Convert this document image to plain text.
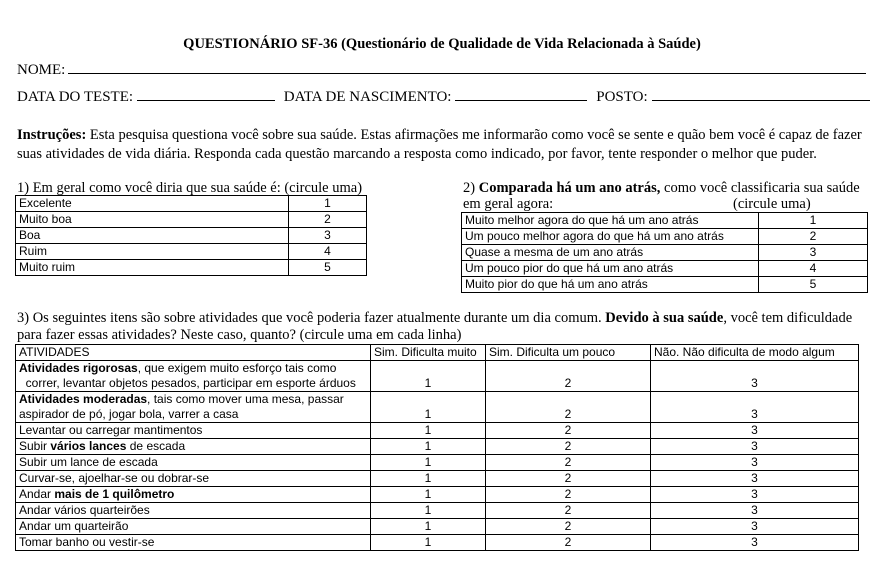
QUESTIONÁRIO SF-36 (Questionário de Qualidade de Vida Relacionada à Saúde)
NOME:
DATA DO TESTE:	DATA DE NASCIMENTO:	POSTO:
Instruções: Esta pesquisa questiona você sobre sua saúde. Estas afirmações me informarão como você se sente e quão bem você é capaz de fazer suas atividades de vida diária. Responda cada questão marcando a resposta como indicado, por favor, tente responder o melhor que puder.
1) Em geral como você diria que sua saúde é: (circule uma)
Excelente	1
Muito boa	2
Boa	3
Ruim	4
Muito ruim	5
2) Comparada há um ano atrás, como você classificaria sua saúde
em geral agora:	(circule uma)
Muito melhor agora do que há um ano atrás	1
Um pouco melhor agora do que há um ano atrás	2
Quase a mesma de um ano atrás	3
Um pouco pior do que há um ano atrás	4
Muito pior do que há um ano atrás	5
3) Os seguintes itens são sobre atividades que você poderia fazer atualmente durante um dia comum. Devido à sua saúde, você tem dificuldade
para fazer essas atividades? Neste caso, quanto? (circule uma em cada linha)
ATIVIDADES	Sim. Dificulta muito	Sim. Dificulta um pouco	Não. Não dificulta de modo algum
Atividades rigorosas, que exigem muito esforço tais como
correr, levantar objetos pesados, participar em esporte árduos	1	2	3
Atividades moderadas, tais como mover uma mesa, passar
aspirador de pó, jogar bola, varrer a casa	1	2	3
Levantar ou carregar mantimentos	1	2	3
Subir vários lances de escada	1	2	3
Subir um lance de escada	1	2	3
Curvar-se, ajoelhar-se ou dobrar-se	1	2	3
Andar mais de 1 quilômetro	1	2	3
Andar vários quarteirões	1	2	3
Andar um quarteirão	1	2	3
Tomar banho ou vestir-se	1	2	3
